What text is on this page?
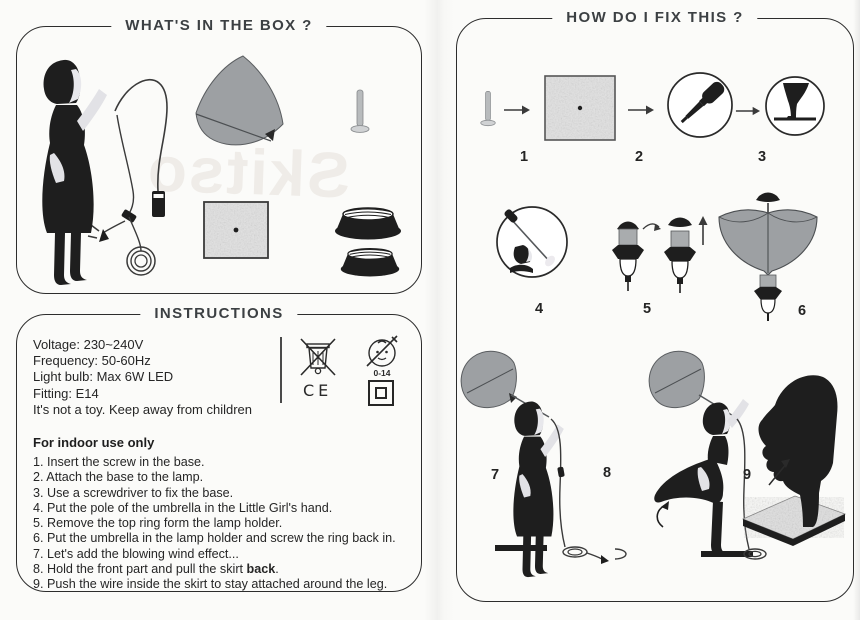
WHAT'S IN THE BOX ?
Skitso
INSTRUCTIONS
Voltage: 230~240V
Frequency: 50-60Hz
Light bulb: Max 6W LED
Fitting: E14
It's not a toy. Keep away from children
For indoor use only
0-14
CE
1. Insert the screw in the base.
2. Attach the base to the lamp.
3. Use a screwdriver to fix the base.
4. Put the pole of the umbrella in the Little Girl's hand.
5. Remove the top ring form the lamp holder.
6. Put the umbrella in the lamp holder and screw the ring back in.
7. Let's add the blowing wind effect...
8. Hold the front part and pull the skirt back.
9. Push the wire inside the skirt to stay attached around the leg.
HOW DO I FIX THIS ?
1	2	3
4	5	6
7	8	9
